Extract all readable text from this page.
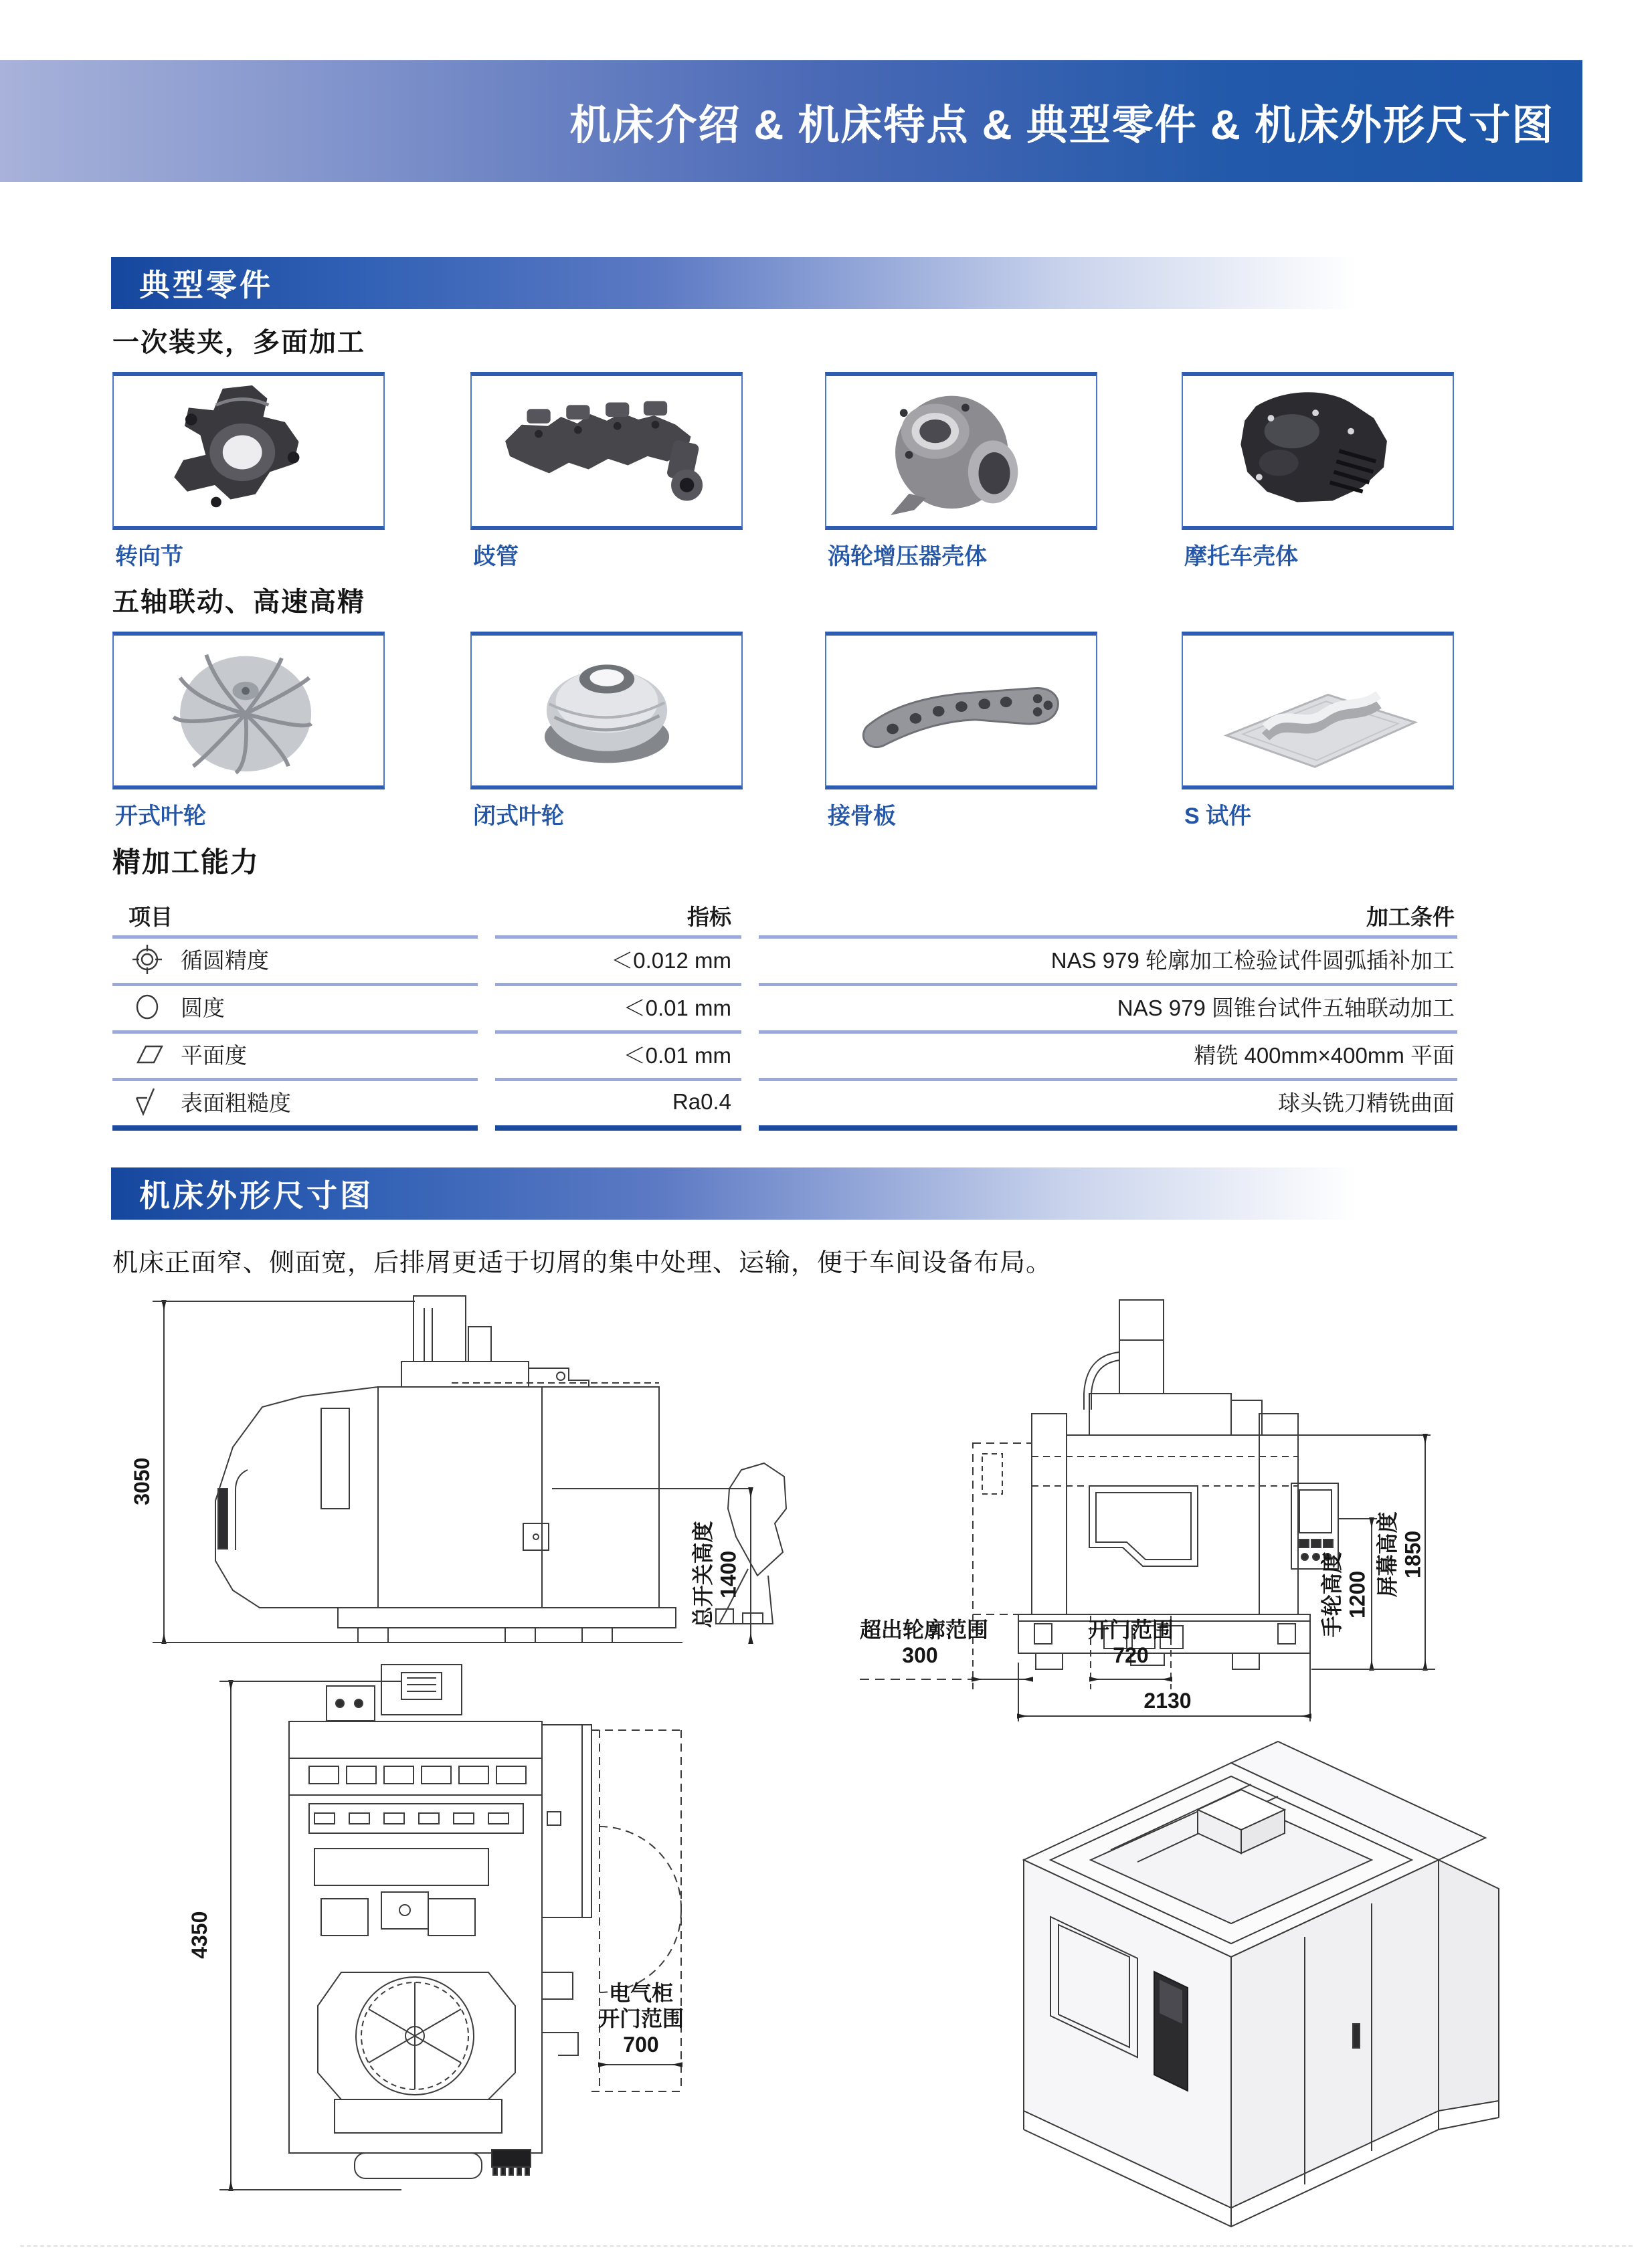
机床介绍 & 机床特点 & 典型零件 & 机床外形尺寸图
典型零件
一次装夹，多面加工
转向节	歧管	涡轮增压器壳体	摩托车壳体
五轴联动、高速高精
开式叶轮	闭式叶轮	接骨板	S 试件
精加工能力
项目	指标	加工条件
循圆精度	＜0.012 mm	NAS 979 轮廓加工检验试件圆弧插补加工
圆度	＜0.01 mm	NAS 979 圆锥台试件五轴联动加工
平面度	＜0.01 mm	精铣 400mm×400mm 平面
表面粗糙度	Ra0.4	球头铣刀精铣曲面
机床外形尺寸图
机床正面窄、侧面宽，后排屑更适于切屑的集中处理、运输，便于车间设备布局。
3050
总开关高度 1400
超出轮廓范围
300
开门范围
720
2130
手轮高度 1200 屏幕高度 1850
4350
电气柜
开门范围
700
